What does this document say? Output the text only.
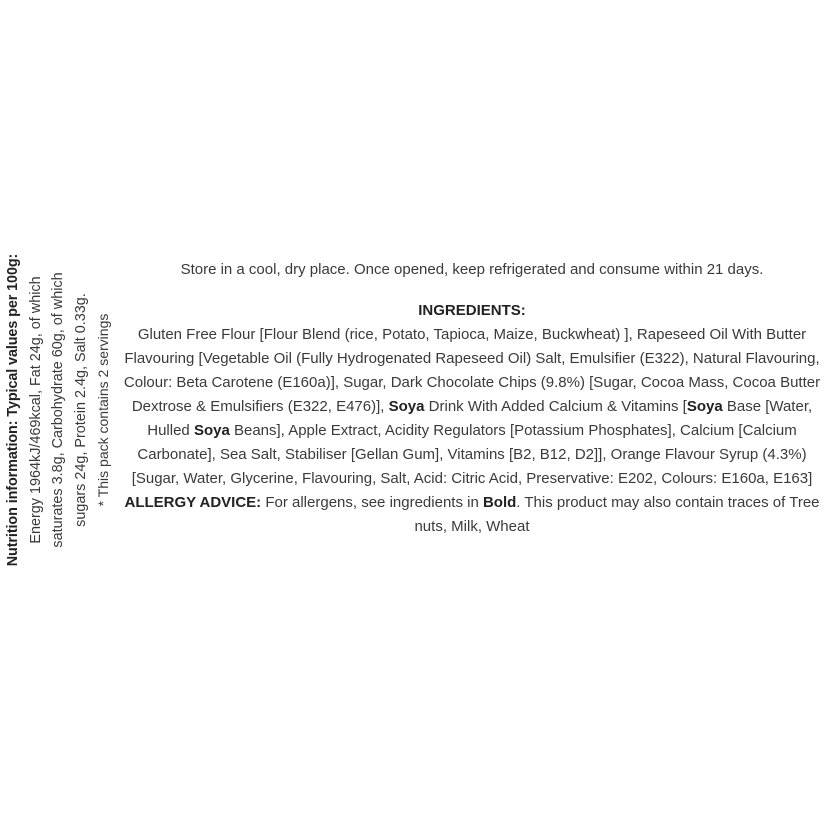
Nutrition information: Typical values per 100g: Energy 1964kJ/469kcal, Fat 24g, of which saturates 3.8g, Carbohydrate 60g, of which sugars 24g, Protein 2.4g, Salt 0.33g. * This pack contains 2 servings
Store in a cool, dry place. Once opened, keep refrigerated and consume within 21 days.
INGREDIENTS:
Gluten Free Flour [Flour Blend (rice, Potato, Tapioca, Maize, Buckwheat) ], Rapeseed Oil With Butter Flavouring [Vegetable Oil (Fully Hydrogenated Rapeseed Oil) Salt, Emulsifier (E322), Natural Flavouring, Colour: Beta Carotene (E160a)], Sugar, Dark Chocolate Chips (9.8%) [Sugar, Cocoa Mass, Cocoa Butter Dextrose & Emulsifiers (E322, E476)], Soya Drink With Added Calcium & Vitamins [Soya Base [Water, Hulled Soya Beans], Apple Extract, Acidity Regulators [Potassium Phosphates], Calcium [Calcium Carbonate], Sea Salt, Stabiliser [Gellan Gum], Vitamins [B2, B12, D2]], Orange Flavour Syrup (4.3%) [Sugar, Water, Glycerine, Flavouring, Salt, Acid: Citric Acid, Preservative: E202, Colours: E160a, E163]
ALLERGY ADVICE: For allergens, see ingredients in Bold. This product may also contain traces of Tree nuts, Milk, Wheat
